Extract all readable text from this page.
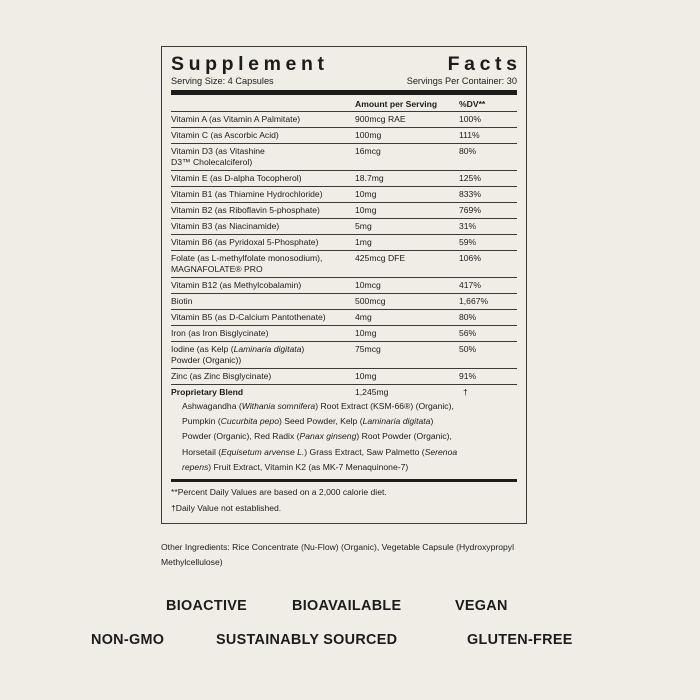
Supplement	Facts
Serving Size: 4 Capsules	Servings Per Container: 30
Amount per Serving	%DV**
Vitamin A (as Vitamin A Palmitate)	900mcg RAE	100%
Vitamin C (as Ascorbic Acid)	100mg	111%
Vitamin D3 (as Vitashine
D3™ Cholecalciferol)
16mcg	80%
Vitamin E (as D-alpha Tocopherol)	18.7mg	125%
Vitamin B1 (as Thiamine Hydrochloride)	10mg	833%
Vitamin B2 (as Riboflavin 5-phosphate)	10mg	769%
Vitamin B3 (as Niacinamide)	5mg	31%
Vitamin B6 (as Pyridoxal 5-Phosphate)	1mg	59%
Folate (as L-methylfolate monosodium),
MAGNAFOLATE® PRO
425mcg DFE	106%
Vitamin B12 (as Methylcobalamin)	10mcg	417%
Biotin	500mcg	1,667%
Vitamin B5 (as D-Calcium Pantothenate)	4mg	80%
Iron (as Iron Bisglycinate)	10mg	56%
Iodine (as Kelp (Laminaria digitata)
Powder (Organic))
75mcg	50%
Zinc (as Zinc Bisglycinate)	10mg	91%
Proprietary Blend	1,245mg	†
Ashwagandha (Withania somnifera) Root Extract (KSM-66®) (Organic),
Pumpkin (Cucurbita pepo) Seed Powder, Kelp (Laminaria digitata)
Powder (Organic), Red Radix (Panax ginseng) Root Powder (Organic),
Horsetail (Equisetum arvense L.) Grass Extract, Saw Palmetto (Serenoa
repens) Fruit Extract, Vitamin K2 (as MK-7 Menaquinone-7)
**Percent Daily Values are based on a 2,000 calorie diet.
†Daily Value not established.
Other Ingredients: Rice Concentrate (Nu-Flow) (Organic), Vegetable Capsule (Hydroxypropyl Methylcellulose)
BIOACTIVE	BIOAVAILABLE	VEGAN
NON-GMO	SUSTAINABLY SOURCED	GLUTEN-FREE
